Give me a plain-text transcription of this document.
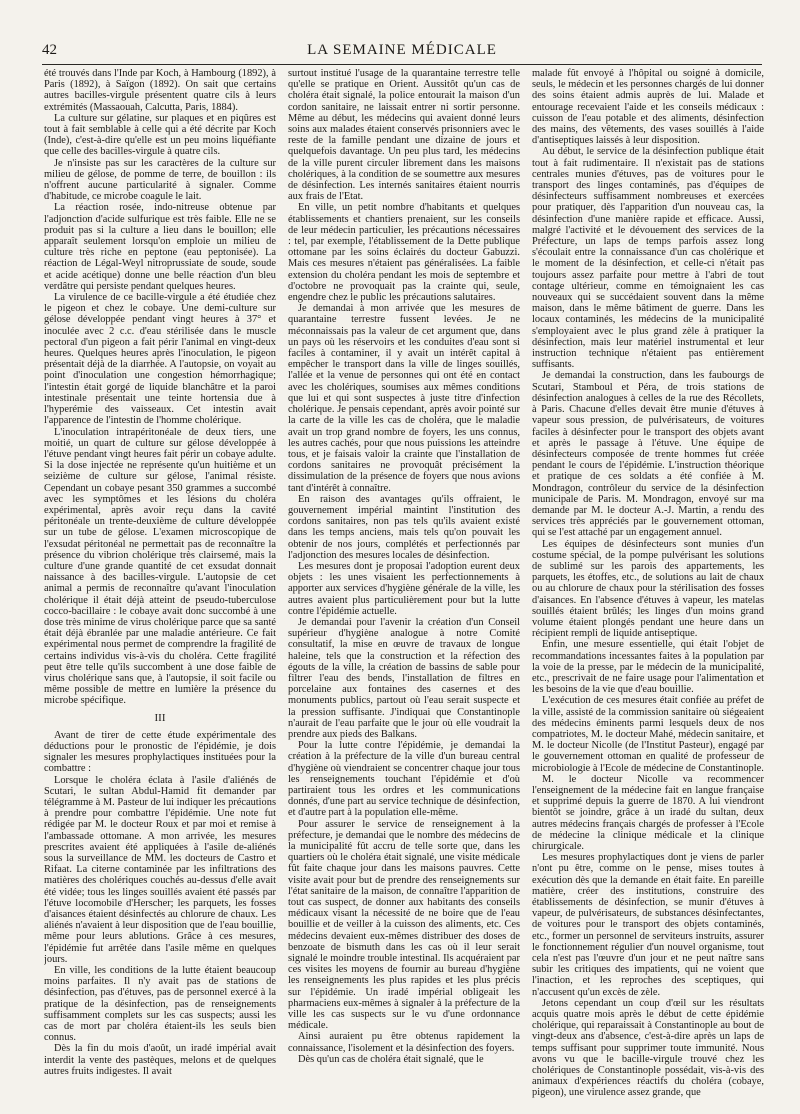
42	LA SEMAINE MÉDICALE

été trouvés dans l'Inde par Koch, à Hambourg (1892), à Paris (1892), à Saïgon (1892). On sait que certains autres bacilles-virgule présentent quatre cils à leurs extrémités (Massaouah, Calcutta, Paris, 1884).

La culture sur gélatine, sur plaques et en piqûres est tout à fait semblable à celle qui a été décrite par Koch (Inde), c'est-à-dire qu'elle est un peu moins liquéfiante que celle des bacilles-virgule à quatre cils.

Je n'insiste pas sur les caractères de la culture sur milieu de gélose, de pomme de terre, de bouillon : ils n'offrent aucune particularité à signaler. Comme d'habitude, ce microbe coagule le lait.

La réaction rosée, indo-nitreuse obtenue par l'adjonction d'acide sulfurique est très faible. Elle ne se produit pas si la culture a lieu dans le bouillon; elle apparaît seulement lorsqu'on emploie un milieu de culture très riche en peptone (eau peptonisée). La réaction de Légal-Weyl nitroprussiate de soude, soude et acide acétique) donne une belle réaction d'un bleu verdâtre qui persiste pendant quelques heures.

La virulence de ce bacille-virgule a été étudiée chez le pigeon et chez le cobaye. Une demi-culture sur gélose développée pendant vingt heures à 37° et inoculée avec 2 c.c. d'eau stérilisée dans le muscle pectoral d'un pigeon a fait périr l'animal en vingt-deux heures. Quelques heures après l'inoculation, le pigeon présentait déjà de la diarrhée. A l'autopsie, on voyait au point d'inoculation une congestion hémorrhagique; l'intestin était gorgé de liquide blanchâtre et la paroi intestinale présentait une teinte hortensia due à l'hyperémie des vaisseaux. Cet intestin avait l'apparence de l'intestin de l'homme cholérique.

L'inoculation intrapéritonéale de deux tiers, une moitié, un quart de culture sur gélose développée à l'étuve pendant vingt heures fait périr un cobaye adulte. Si la dose injectée ne représente qu'un huitième et un seizième de culture sur gélose, l'animal résiste. Cependant un cobaye pesant 350 grammes a succombé avec les symptômes et les lésions du choléra expérimental, après avoir reçu dans la cavité péritonéale un trente-deuxième de culture développée sur un tube de gélose. L'examen microscopique de l'exsudat péritonéal ne permettait pas de reconnaître la présence du vibrion cholérique très clairsemé, mais la culture d'une grande quantité de cet exsudat donnait naissance à des bacilles-virgule. L'autopsie de cet animal a permis de reconnaître qu'avant l'inoculation cholérique il était déjà atteint de pseudo-tuberculose cocco-bacillaire : le cobaye avait donc succombé à une dose très minime de virus cholérique parce que sa santé était déjà ébranlée par une maladie antérieure. Ce fait expérimental nous permet de comprendre la fragilité de certains individus vis-à-vis du choléra. Cette fragilité peut être telle qu'ils succombent à une dose faible de virus cholérique sans que, à l'autopsie, il soit facile ou même possible de mettre en lumière la présence du microbe spécifique.

III

Avant de tirer de cette étude expérimentale des déductions pour le pronostic de l'épidémie, je dois signaler les mesures prophylactiques instituées pour la combattre :

Lorsque le choléra éclata à l'asile d'aliénés de Scutari, le sultan Abdul-Hamid fit demander par télégramme à M. Pasteur de lui indiquer les précautions à prendre pour combattre l'épidémie. Une note fut rédigée par M. le docteur Roux et par moi et remise à l'ambassade ottomane. A mon arrivée, les mesures prescrites avaient été appliquées à l'asile de-aliénés sous la surveillance de MM. les docteurs de Castro et Rifaat. La citerne contaminée par les infiltrations des matières des cholériques couchés au-dessus d'elle avait été vidée; tous les linges souillés avaient été passés par l'étuve locomobile d'Herscher; les parquets, les fosses d'aisances étaient désinfectés au chlorure de chaux. Les aliénés n'avaient à leur disposition que de l'eau bouillie, même pour leurs ablutions. Grâce à ces mesures, l'épidémie fut arrêtée dans l'asile même en quelques jours.

En ville, les conditions de la lutte étaient beaucoup moins parfaites. Il n'y avait pas de stations de désinfection, pas d'étuves, pas de personnel exercé à la pratique de la désinfection, pas de renseignements suffisamment complets sur les cas suspects; aussi les cas de mort par choléra étaient-ils les seuls bien connus.

Dès la fin du mois d'août, un iradé impérial avait interdit la vente des pastèques, melons et de quelques autres fruits indigestes. Il avait

surtout institué l'usage de la quarantaine terrestre telle qu'elle se pratique en Orient. Aussitôt qu'un cas de choléra était signalé, la police entourait la maison d'un cordon sanitaire, ne laissait entrer ni sortir personne. Même au début, les médecins qui avaient donné leurs soins aux malades étaient conservés prisonniers avec le reste de la famille pendant une dizaine de jours et quelquefois davantage. Un peu plus tard, les médecins de la ville purent circuler librement dans les maisons cholériques, à la condition de se soumettre aux mesures de désinfection. Les internés sanitaires étaient nourris aux frais de l'Etat.

En ville, un petit nombre d'habitants et quelques établissements et chantiers prenaient, sur les conseils de leur médecin particulier, les précautions nécessaires : tel, par exemple, l'établissement de la Dette publique ottomane par les soins éclairés du docteur Gabuzzi. Mais ces mesures n'étaient pas généralisées. La faible extension du choléra pendant les mois de septembre et d'octobre ne provoquait pas la crainte qui, seule, engendre chez le public les précautions salutaires.

Je demandai à mon arrivée que les mesures de quarantaine terrestre fussent levées. Je ne méconnaissais pas la valeur de cet argument que, dans un pays où les réservoirs et les conduites d'eau sont si faciles à contaminer, il y avait un intérêt capital à empêcher le transport dans la ville de linges souillés, l'allée et la venue de personnes qui ont été en contact avec les cholériques, soumises aux mêmes conditions que lui et qui sont suspectes à juste titre d'infection cholérique. Je pensais cependant, après avoir pointé sur la carte de la ville les cas de choléra, que le maladie avait un trop grand nombre de foyers, les uns connus, les autres cachés, pour que nous puissions les atteindre tous, et je faisais valoir la crainte que l'installation de cordons sanitaires ne provoquât précisément la dissimulation de la présence de foyers que nous avions tant d'intérêt à connaître.

En raison des avantages qu'ils offraient, le gouvernement impérial maintint l'institution des cordons sanitaires, non pas tels qu'ils avaient existé dans les temps anciens, mais tels qu'on pouvait les obtenir de nos jours, complétés et perfectionnés par l'adjonction des mesures locales de désinfection.

Les mesures dont je proposai l'adoption eurent deux objets : les unes visaient les perfectionnements à apporter aux services d'hygiène générale de la ville, les autres avaient plus particulièrement pour but la lutte contre l'épidémie actuelle.

Je demandai pour l'avenir la création d'un Conseil supérieur d'hygiène analogue à notre Comité consultatif, la mise en œuvre de travaux de longue haleine, tels que la construction et la réfection des égouts de la ville, la création de bassins de sable pour filtrer l'eau des bends, l'installation de filtres en porcelaine aux fontaines des casernes et des monuments publics, partout où l'eau serait suspecte et la pression suffisante. J'indiquai que Constantinople n'aurait de l'eau parfaite que le jour où elle voudrait la prendre aux pieds des Balkans.

Pour la lutte contre l'épidémie, je demandai la création à la préfecture de la ville d'un bureau central d'hygiène où viendraient se concentrer chaque jour tous les renseignements touchant l'épidémie et d'où partiraient tous les ordres et les communications donnés, d'une part au service technique de désinfection, et d'autre part à la population elle-même.

Pour assurer le service de renseignement à la préfecture, je demandai que le nombre des médecins de la municipalité fût accru de telle sorte que, dans les quartiers où le choléra était signalé, une visite médicale fût faite chaque jour dans les maisons pauvres. Cette visite avait pour but de prendre des renseignements sur l'état sanitaire de la maison, de connaître l'apparition de tout cas suspect, de donner aux habitants des conseils médicaux visant la nécessité de ne boire que de l'eau bouillie et de veiller à la cuisson des aliments, etc. Ces médecins devaient eux-mêmes distribuer des doses de benzoate de bismuth dans les cas où il leur serait signalé le moindre trouble intestinal. Ils acquéraient par ces visites les moyens de fournir au bureau d'hygiène les renseignements les plus rapides et les plus précis sur l'épidémie. Un iradé impérial obligeait les pharmaciens eux-mêmes à signaler à la préfecture de la ville les cas suspects sur le vu d'une ordonnance médicale.

Ainsi auraient pu être obtenus rapidement la connaissance, l'isolement et la désinfection des foyers.

Dès qu'un cas de choléra était signalé, que le

malade fût envoyé à l'hôpital ou soigné à domicile, seuls, le médecin et les personnes chargés de lui donner des soins étaient admis auprès de lui. Malade et entourage recevaient l'aide et les conseils médicaux : cuisson de l'eau potable et des aliments, désinfection des mains, des vêtements, des vases souillés à l'aide d'antiseptiques laissés à leur disposition.

Au début, le service de la désinfection publique était tout à fait rudimentaire. Il n'existait pas de stations centrales munies d'étuves, pas de voitures pour le transport des linges contaminés, pas d'équipes de désinfecteurs suffisamment nombreuses et exercées pour pratiquer, dès l'apparition d'un nouveau cas, la désinfection d'une manière rapide et efficace. Aussi, malgré l'activité et le dévouement des services de la Préfecture, un laps de temps parfois assez long s'écoulait entre la connaissance d'un cas cholérique et le moment de la désinfection, et celle-ci n'était pas toujours assez parfaite pour mettre à l'abri de tout contage ultérieur, comme en témoignaient les cas nouveaux qui se succédaient souvent dans la même maison, dans le même bâtiment de guerre. Dans les locaux contaminés, les médecins de la municipalité s'employaient avec le plus grand zèle à pratiquer la désinfection, mais leur matériel instrumental et leur instruction technique n'étaient pas entièrement suffisants.

Je demandai la construction, dans les faubourgs de Scutari, Stamboul et Péra, de trois stations de désinfection analogues à celles de la rue des Récollets, à Paris. Chacune d'elles devait être munie d'étuves à vapeur sous pression, de pulvérisateurs, de voitures faciles à désinfecter pour le transport des objets avant et après le passage à l'étuve. Une équipe de désinfecteurs composée de trente hommes fut créée pendant le cours de l'épidémie. L'instruction théorique et pratique de ces soldats a été confiée à M. Mondragon, contrôleur du service de la désinfection municipale de Paris. M. Mondragon, envoyé sur ma demande par M. le docteur A.-J. Martin, a rendu des services très appréciés par le gouvernement ottoman, qui se l'est attaché par un engagement annuel.

Les équipes de désinfecteurs sont munies d'un costume spécial, de la pompe pulvérisant les solutions de sublimé sur les parois des appartements, les parquets, les étoffes, etc., de solutions au lait de chaux ou au chlorure de chaux pour la stérilisation des fosses d'aisances. En l'absence d'étuves à vapeur, les matelas souillés étaient brûlés; les linges d'un moins grand volume étaient plongés pendant une heure dans un récipient rempli de liquide antiseptique.

Enfin, une mesure essentielle, qui était l'objet de recommandations incessantes faites à la population par la voie de la presse, par le médecin de la municipalité, etc., prescrivait de ne faire usage pour l'alimentation et les besoins de la vie que d'eau bouillie.

L'exécution de ces mesures était confiée au préfet de la ville, assisté de la commission sanitaire où siégeaient des médecins éminents parmi lesquels deux de nos compatriotes, M. le docteur Mahé, médecin sanitaire, et M. le docteur Nicolle (de l'Institut Pasteur), engagé par le gouvernement ottoman en qualité de professeur de microbiologie à l'Ecole de médecine de Constantinople.

M. le docteur Nicolle va recommencer l'enseignement de la médecine fait en langue française et supprimé depuis la guerre de 1870. A lui viendront bientôt se joindre, grâce à un iradé du sultan, deux autres médecins français chargés de professer à l'Ecole de médecine la clinique médicale et la clinique chirurgicale.

Les mesures prophylactiques dont je viens de parler n'ont pu être, comme on le pense, mises toutes à exécution dès que la demande en était faite. En pareille matière, créer des institutions, construire des établissements de désinfection, se munir d'étuves à vapeur, de pulvérisateurs, de substances désinfectantes, de voitures pour le transport des objets contaminés, etc., former un personnel de serviteurs instruits, assurer le fonctionnement régulier d'un nouvel organisme, tout cela n'est pas l'œuvre d'un jour et ne peut naître sans subir les critiques des impatients, qui ne voient que l'inaction, et les reproches des sceptiques, qui n'accusent qu'un excès de zèle.

Jetons cependant un coup d'œil sur les résultats acquis quatre mois après le début de cette épidémie cholérique, qui reparaissait à Constantinople au bout de vingt-deux ans d'absence, c'est-à-dire après un laps de temps suffisant pour supprimer toute immunité. Nous avons vu que le bacille-virgule trouvé chez les cholériques de Constantinople possédait, vis-à-vis des animaux d'expériences réactifs du choléra (cobaye, pigeon), une virulence assez grande, que
